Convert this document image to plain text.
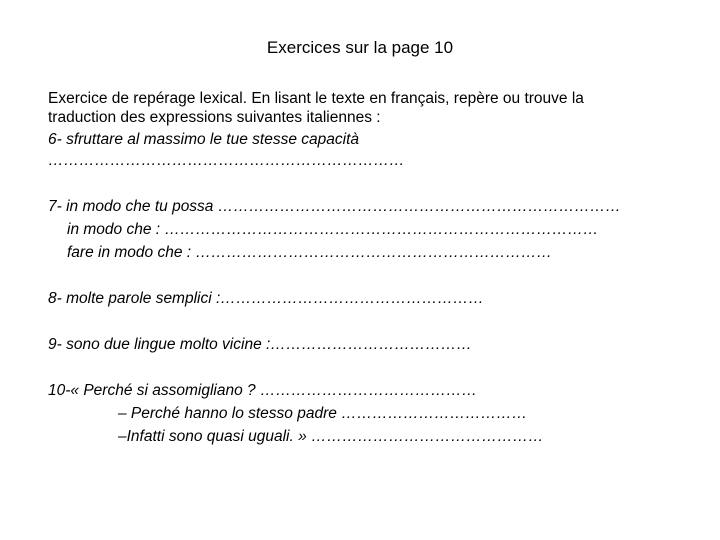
Exercices sur la page 10
Exercice de repérage lexical. En lisant le texte en français, repère ou trouve la
traduction des expressions suivantes italiennes :
6- sfruttare al massimo le tue stesse capacità
……………………………………………………………
7- in modo che tu possa ……………………………………………………………………
in modo che : …………………………………………………………………………
fare in modo che : ……………………………………………………………
8- molte parole semplici :……………………………………………
9- sono due lingue molto vicine :…………………………………
10-« Perché si assomigliano ? ……………………………………
– Perché hanno lo stesso padre ………………………………
–Infatti sono quasi uguali. » ………………………………………
